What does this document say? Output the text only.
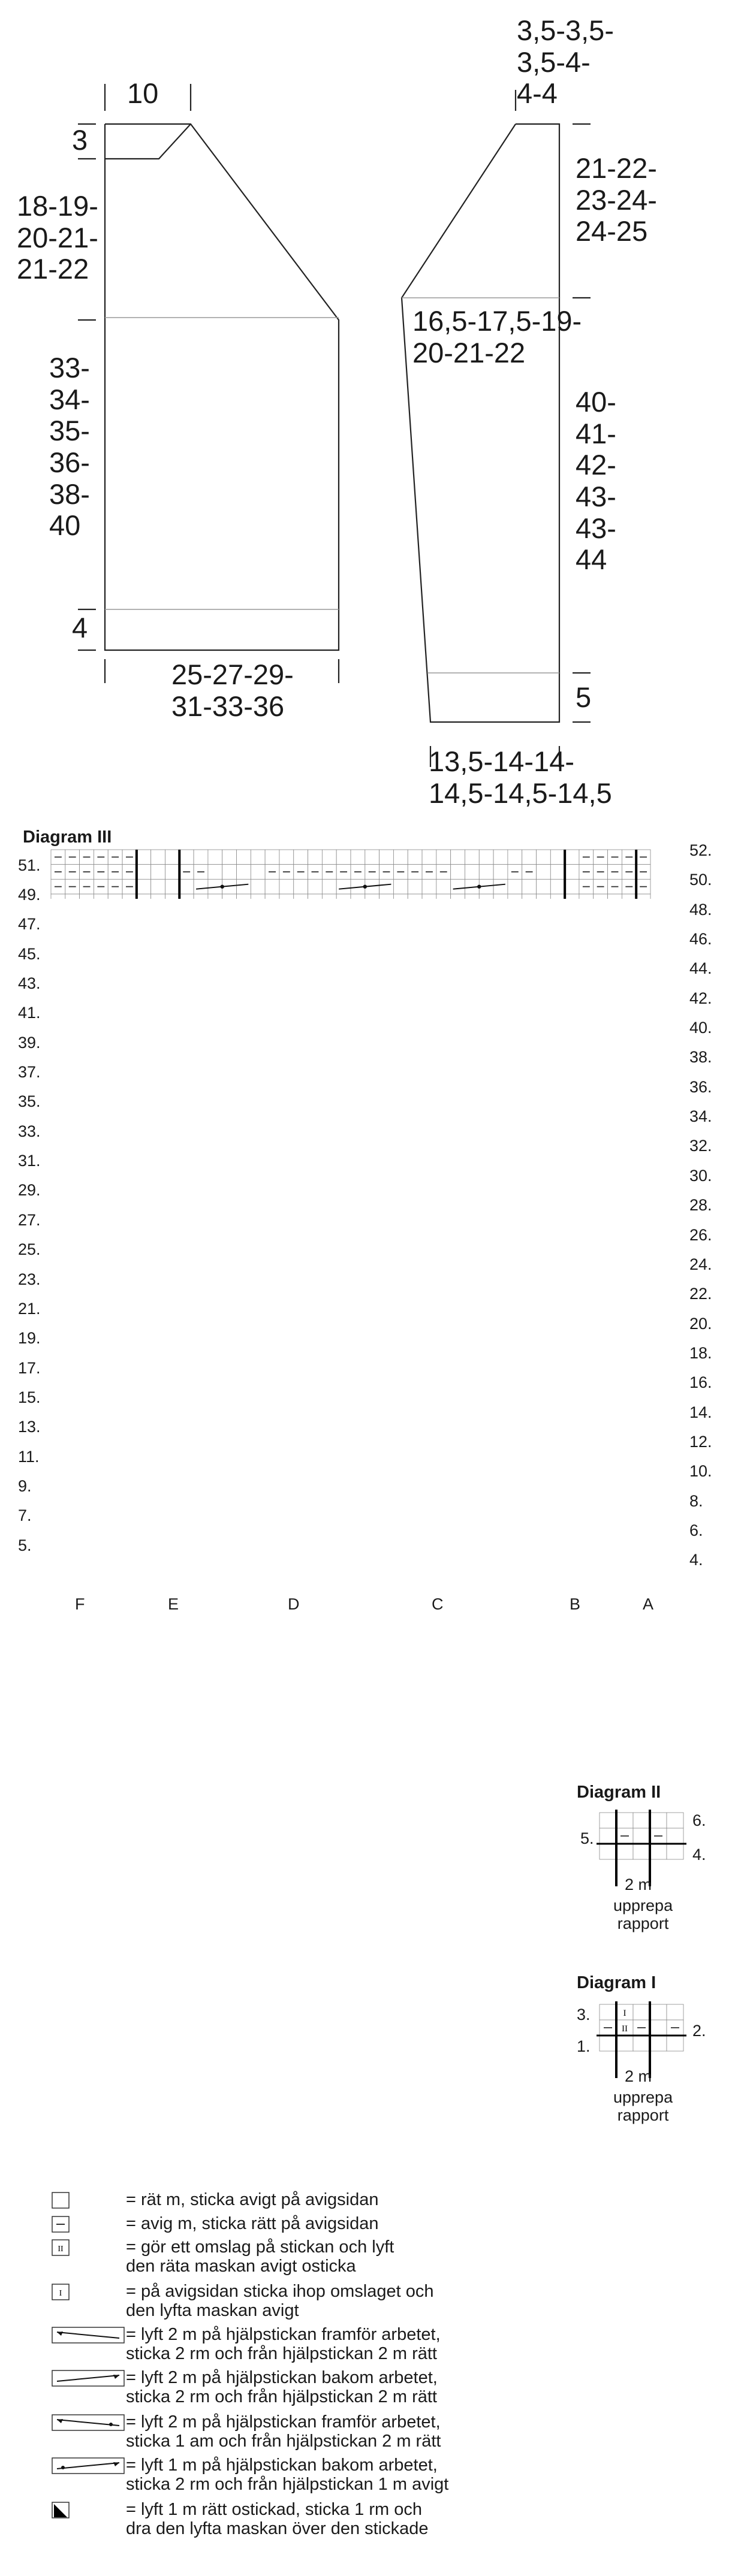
10
3
18-19-
20-21-
21-22
33-
34-
35-
36-
38-
40
4
25-27-29-
31-33-36
3,5-3,5-
3,5-4-
4-4
21-22-
23-24-
24-25
16,5-17,5-19-
20-21-22
40-
41-
42-
43-
43-
44
5
13,5-14-14-
14,5-14,5-14,5
Diagram III
51.
49.
47.
45.
43.
41.
39.
37.
35.
33.
31.
29.
27.
25.
23.
21.
19.
17.
15.
13.
11.
9.
7.
5.
52.
50.
48.
46.
44.
42.
40.
38.
36.
34.
32.
30.
28.
26.
24.
22.
20.
18.
16.
14.
12.
10.
8.
6.
4.
F	E	D	C	B	A
Diagram II
5.
6.
4.
2 m
upprepa
rapport
Diagram I
I
II
3.
1.
2.
2 m
upprepa
rapport
= rät m, sticka avigt på avigsidan
= avig m, sticka rätt på avigsidan
II	= gör ett omslag på stickan och lyft
den räta maskan avigt osticka
I	= på avigsidan sticka ihop omslaget och
den lyfta maskan avigt
= lyft 2 m på hjälpstickan framför arbetet,
sticka 2 rm och från hjälpstickan 2 m rätt
= lyft 2 m på hjälpstickan bakom arbetet,
sticka 2 rm och från hjälpstickan 2 m rätt
= lyft 2 m på hjälpstickan framför arbetet,
sticka 1 am och från hjälpstickan 2 m rätt
= lyft 1 m på hjälpstickan bakom arbetet,
sticka 2 rm och från hjälpstickan 1 m avigt
= lyft 1 m rätt ostickad, sticka 1 rm och
dra den lyfta maskan över den stickade
